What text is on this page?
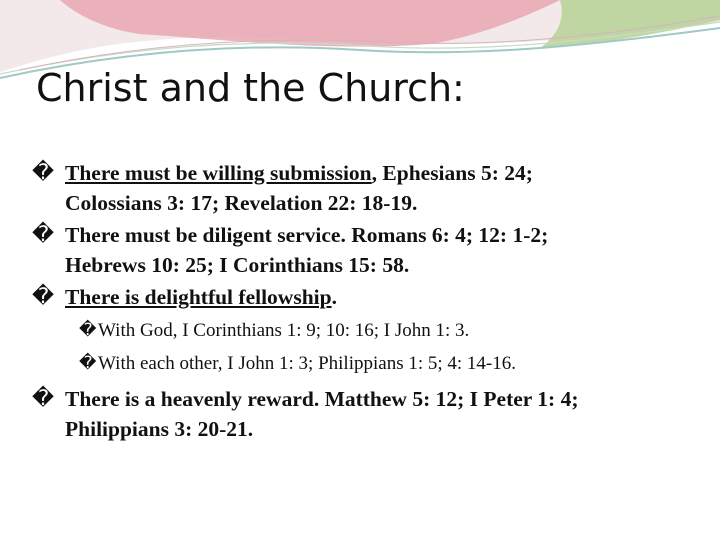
Christ and the Church:
� There must be willing submission, Ephesians 5: 24;
Colossians 3: 17; Revelation 22: 18-19.
� There must be diligent service. Romans 6: 4; 12: 1-2;
Hebrews 10: 25; I Corinthians 15: 58.
� There is delightful fellowship.
� With God, I Corinthians 1: 9; 10: 16; I John 1: 3.
� With each other, I John 1: 3; Philippians 1: 5; 4: 14-16.
� There is a heavenly reward. Matthew 5: 12; I Peter 1: 4;
Philippians 3: 20-21.
